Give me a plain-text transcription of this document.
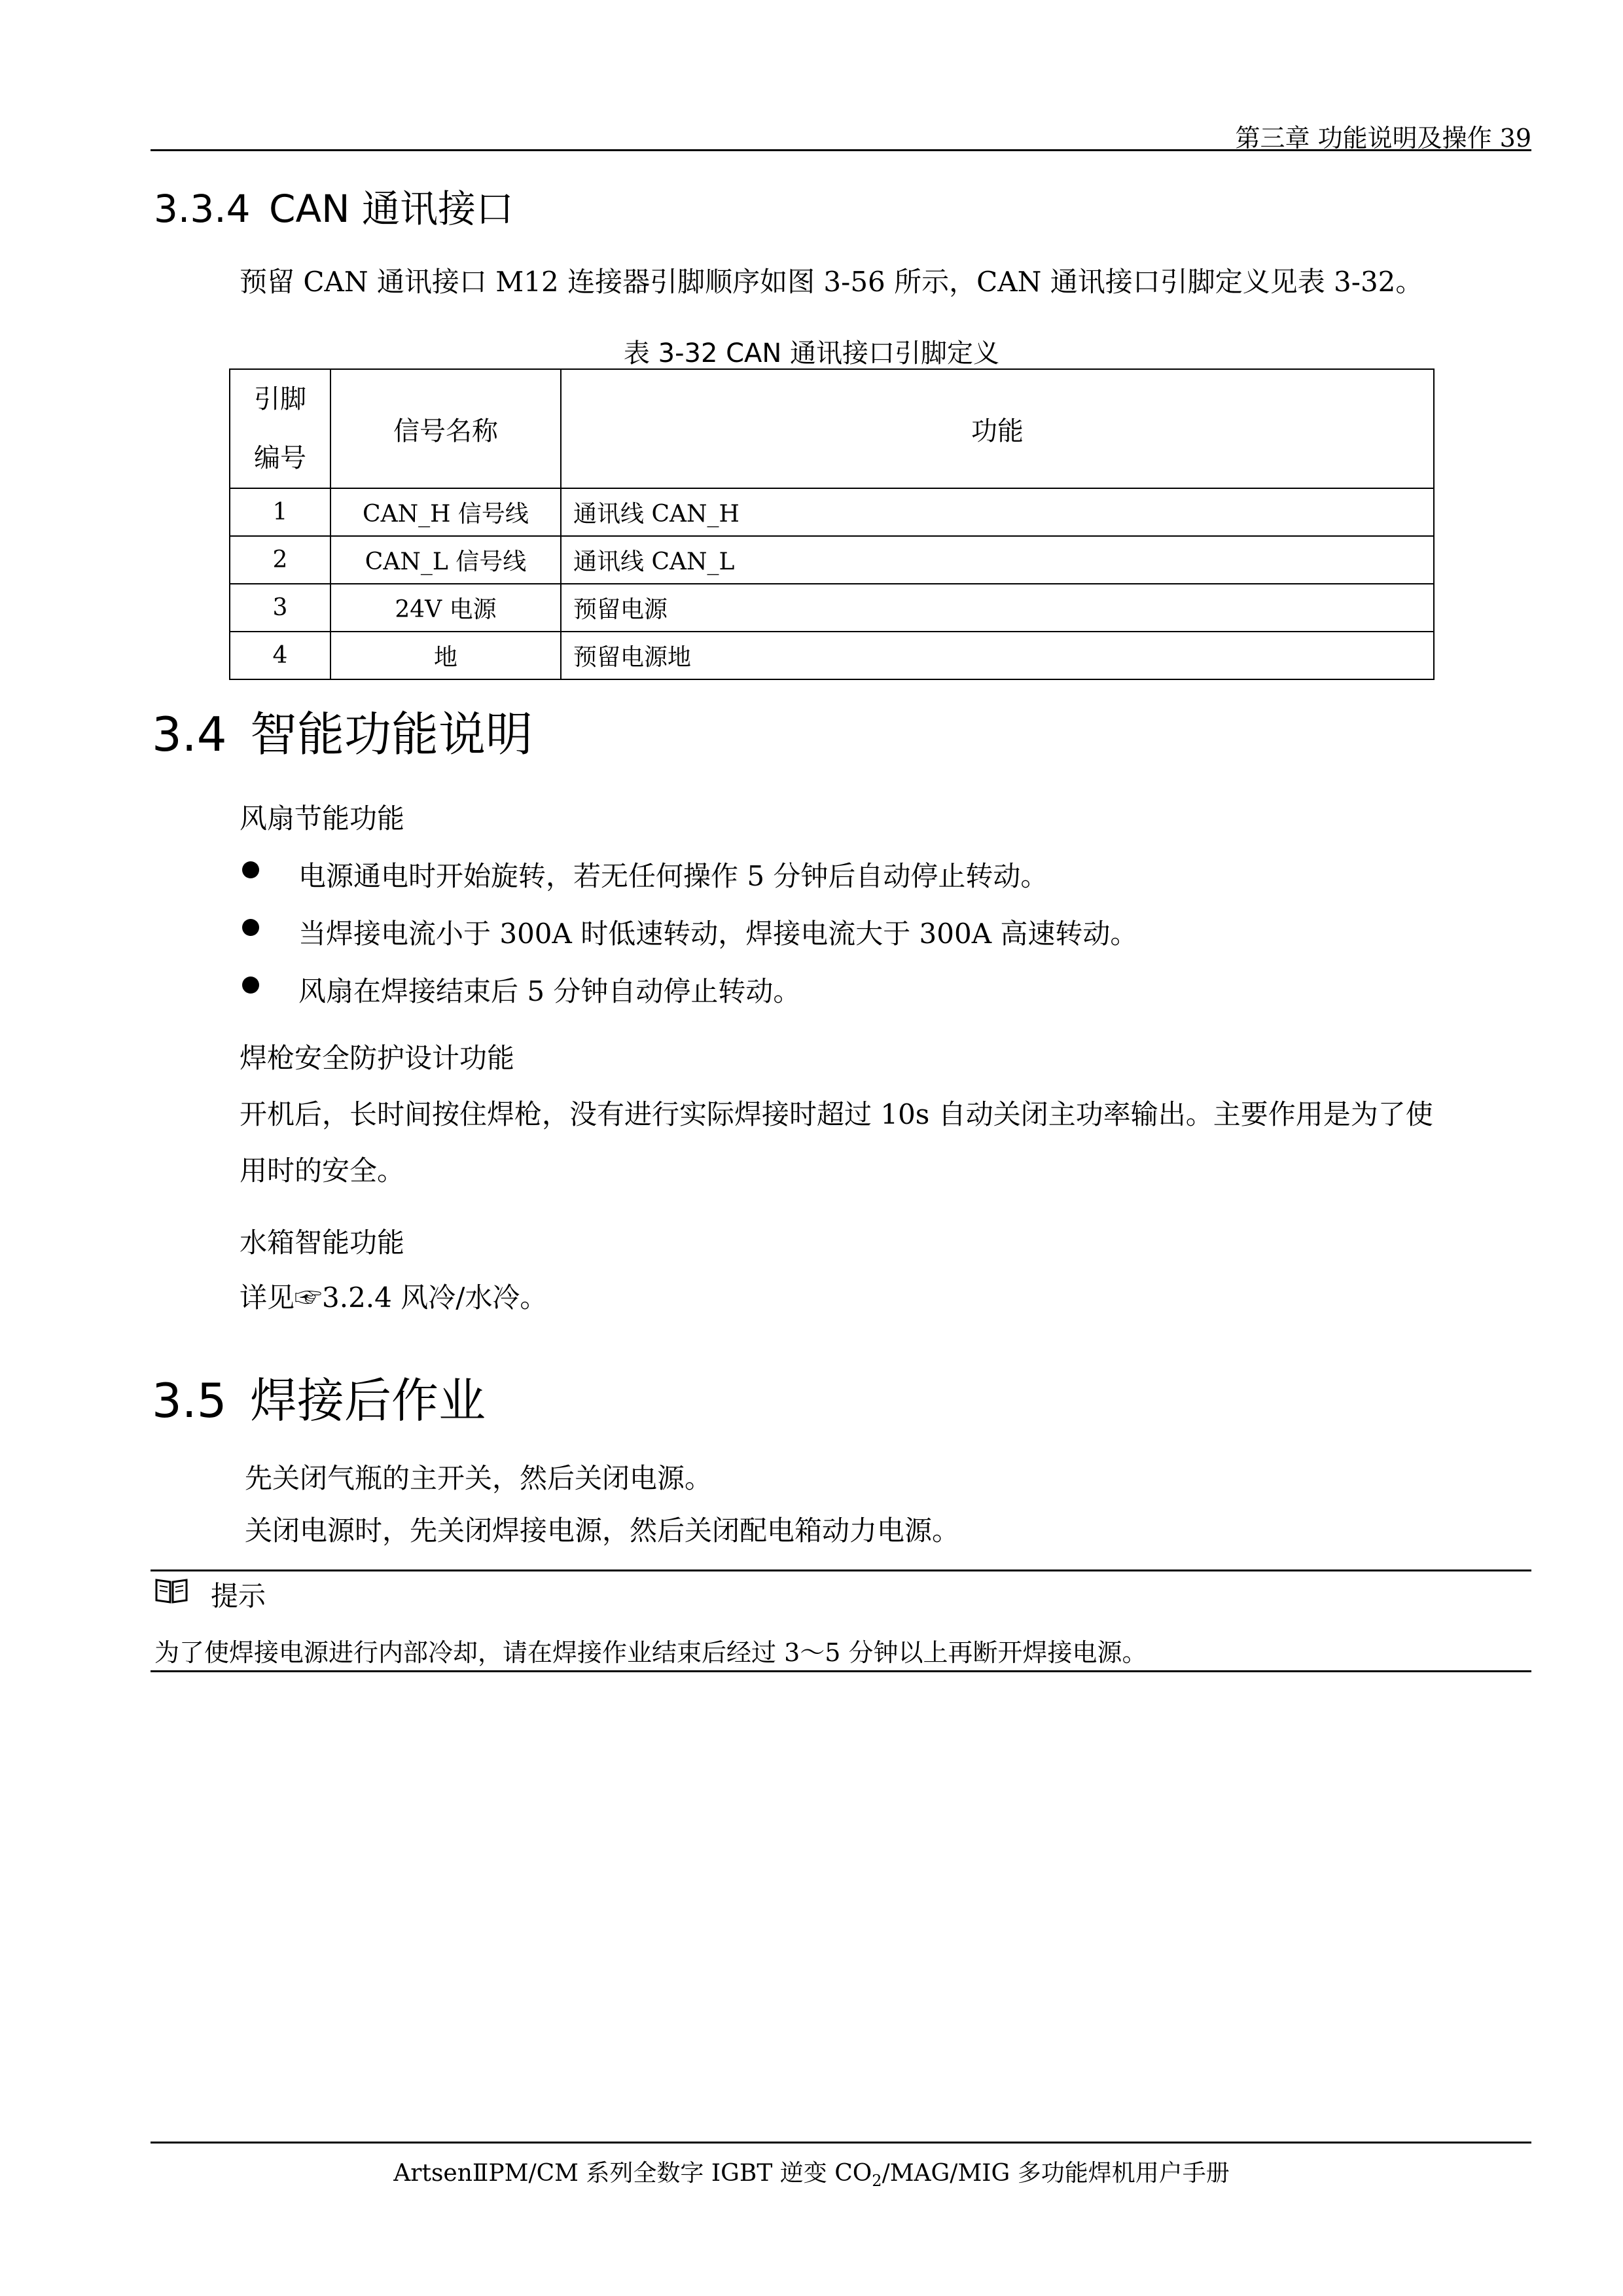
第三章 功能说明及操作 39
3.3.4 CAN 通讯接口
预留 CAN 通讯接口 M12 连接器引脚顺序如图 3-56 所示，CAN 通讯接口引脚定义见表 3-32。
表 3-32 CAN 通讯接口引脚定义
引脚
编号	信号名称	功能
1	CAN_H 信号线	通讯线 CAN_H
2	CAN_L 信号线	通讯线 CAN_L
3	24V 电源	预留电源
4	地	预留电源地
3.4 智能功能说明
风扇节能功能
电源通电时开始旋转，若无任何操作 5 分钟后自动停止转动。
当焊接电流小于 300A 时低速转动，焊接电流大于 300A 高速转动。
风扇在焊接结束后 5 分钟自动停止转动。
焊枪安全防护设计功能
开机后，长时间按住焊枪，没有进行实际焊接时超过 10s 自动关闭主功率输出。主要作用是为了使
用时的安全。
水箱智能功能
详见☞3.2.4 风冷/水冷。
3.5 焊接后作业
先关闭气瓶的主开关，然后关闭电源。
关闭电源时，先关闭焊接电源，然后关闭配电箱动力电源。
提示
为了使焊接电源进行内部冷却，请在焊接作业结束后经过 3～5 分钟以上再断开焊接电源。
ArtsenⅡPM/CM 系列全数字 IGBT 逆变 $CO_2/MAG$/MIG 多功能焊机用户手册
